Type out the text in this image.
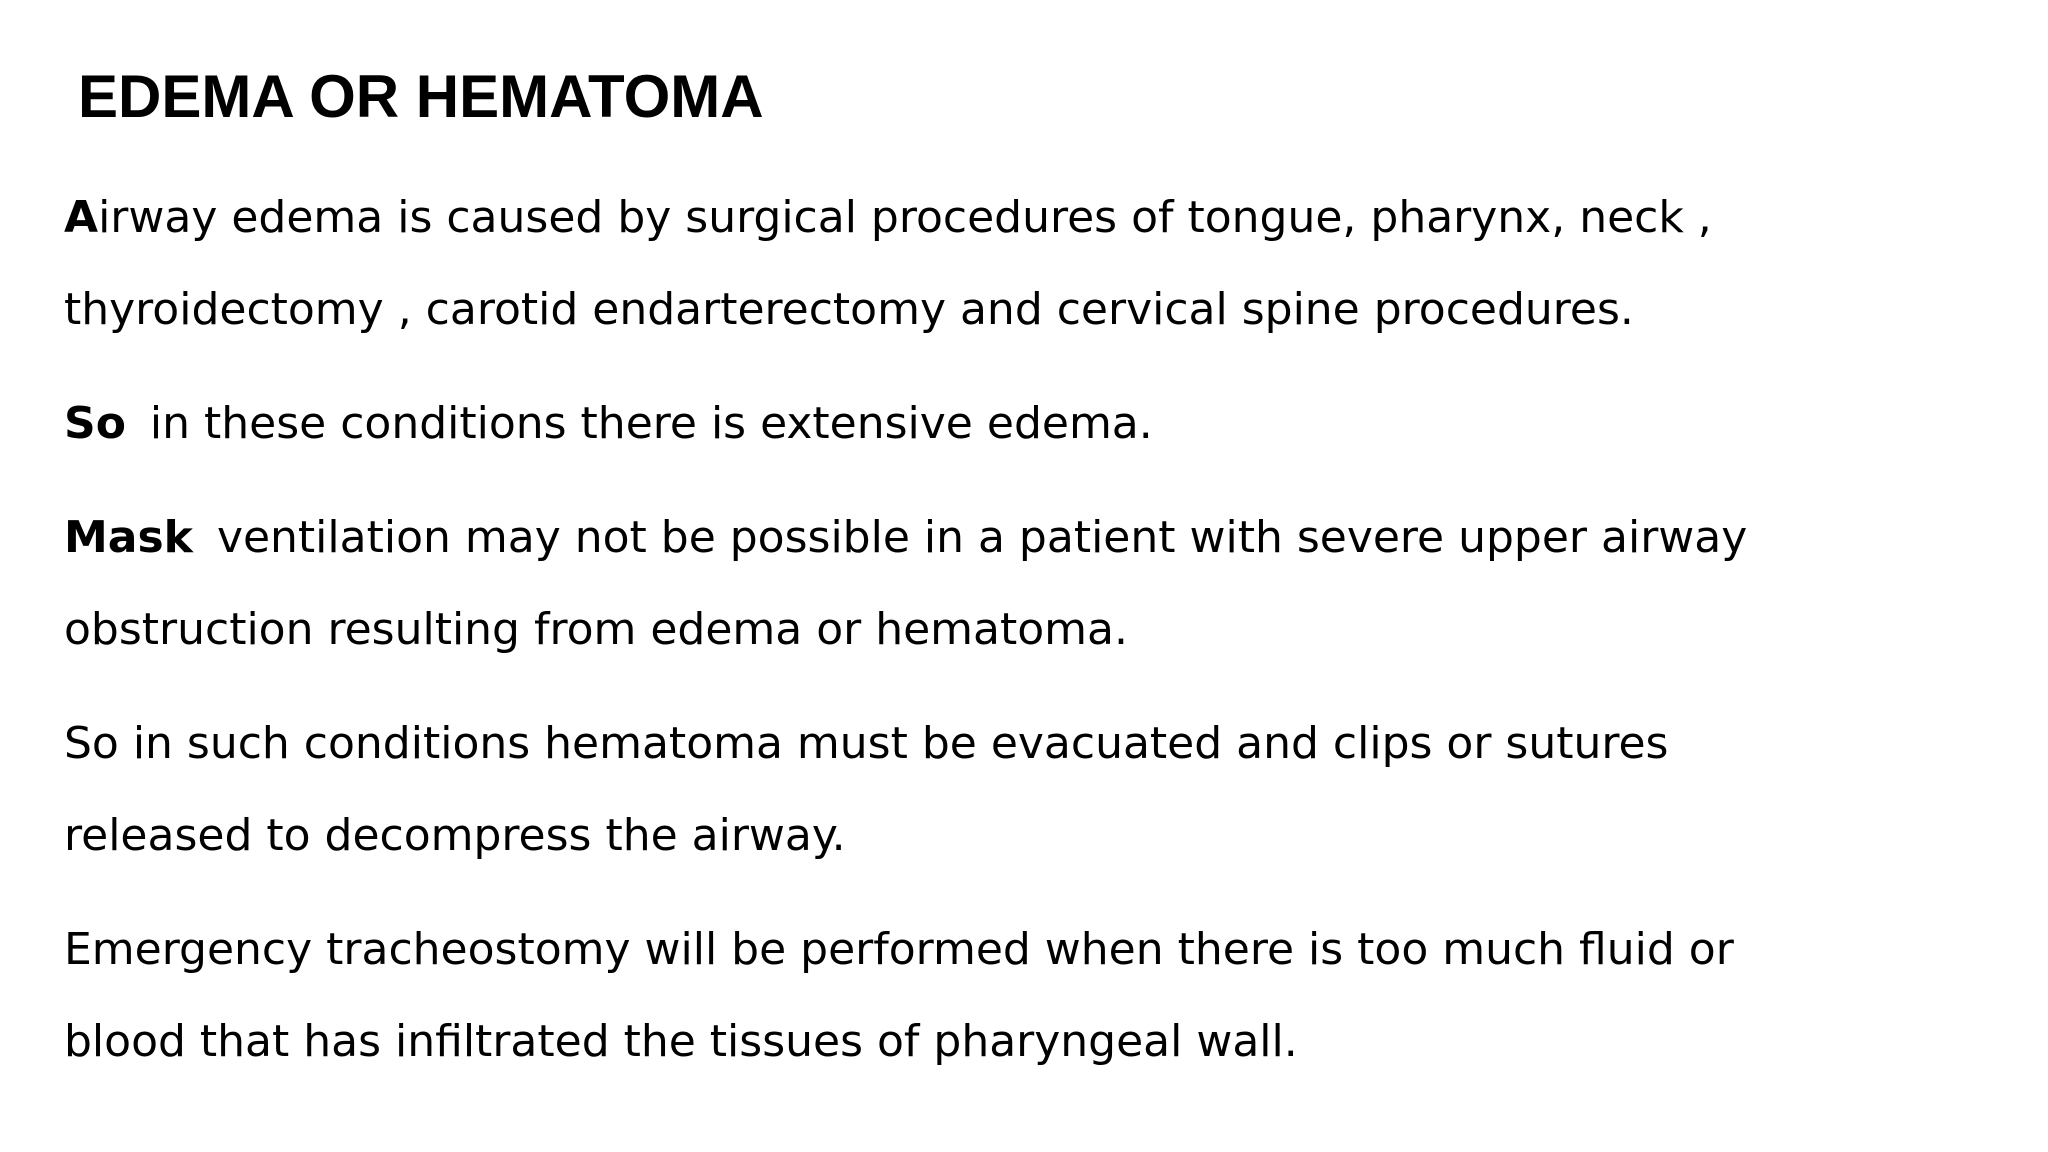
EDEMA OR HEMATOMA
Airway edema is caused by surgical procedures of tongue, pharynx, neck ,
thyroidectomy , carotid endarterectomy and cervical spine procedures.
So in these conditions there is extensive edema.
Mask ventilation may not be possible in a patient with severe upper airway
obstruction resulting from edema or hematoma.
So in such conditions hematoma must be evacuated and clips or sutures
released to decompress the airway.
Emergency tracheostomy will be performed when there is too much fluid or
blood that has infiltrated the tissues of pharyngeal wall.
